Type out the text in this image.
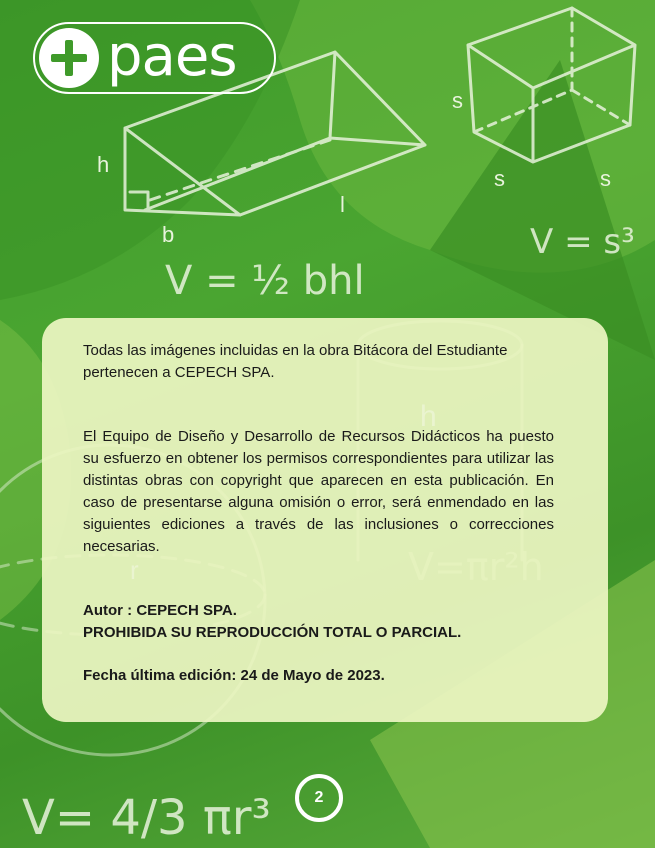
V = ½ bhl
V = s³
V= 4/3 πr³
h
b
l
s
s	s
h
r
paes

Todas las imágenes incluidas en la obra Bitácora del Estudiante pertenecen a CEPECH SPA.

El Equipo de Diseño y Desarrollo de Recursos Didácticos ha puesto su esfuerzo en obtener los permisos correspondientes para utilizar las distintas obras con copyright que aparecen en esta publicación. En caso de presentarse alguna omisión o error, será enmendado en las siguientes ediciones a través de las inclusiones o correcciones necesarias.

Autor : CEPECH SPA.
PROHIBIDA SU REPRODUCCIÓN TOTAL O PARCIAL.
Fecha última edición: 24 de Mayo de 2023.
2
